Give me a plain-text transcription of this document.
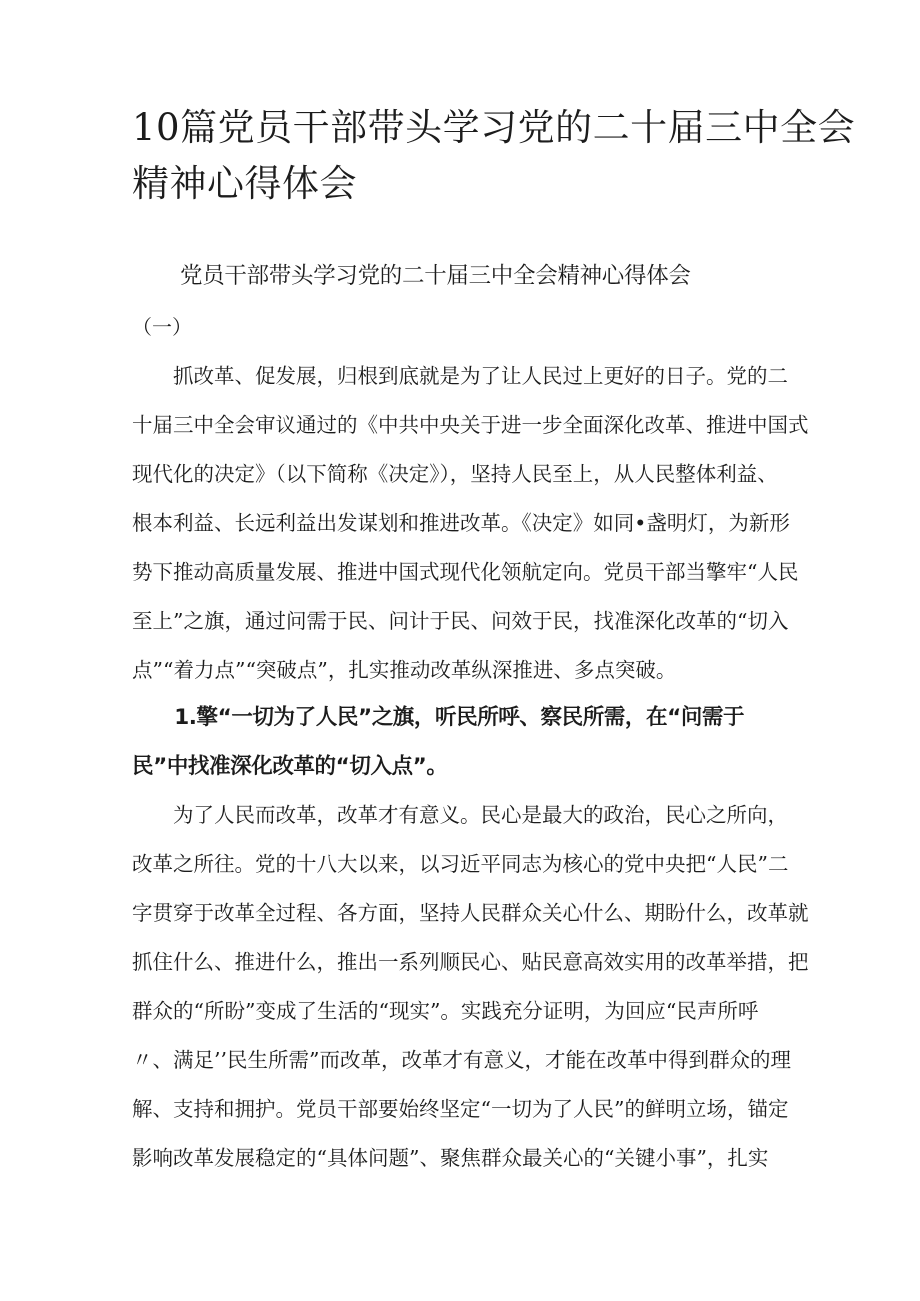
10篇党员干部带头学习党的二十届三中全会
精神心得体会
党员干部带头学习党的二十届三中全会精神心得体会
（一）

　　抓改革、促发展，归根到底就是为了让人民过上更好的日子。党的二
十届三中全会审议通过的《中共中央关于进一步全面深化改革、推进中国式
现代化的决定》（以下简称《决定》），坚持人民至上，从人民整体利益、
根本利益、长远利益出发谋划和推进改革。《决定》如同•盏明灯，为新形
势下推动高质量发展、推进中国式现代化领航定向。党员干部当擎牢“人民
至上”之旗，通过问需于民、问计于民、问效于民，找准深化改革的“切入
点”“着力点”“突破点”，扎实推动改革纵深推进、多点突破。

　　1.擎“一切为了人民”之旗，听民所呼、察民所需，在“问需于
民”中找准深化改革的“切入点”。

　　为了人民而改革，改革才有意义。民心是最大的政治，民心之所向，
改革之所往。党的十八大以来，以习近平同志为核心的党中央把“人民”二
字贯穿于改革全过程、各方面，坚持人民群众关心什么、期盼什么，改革就
抓住什么、推进什么，推出一系列顺民心、贴民意高效实用的改革举措，把
群众的“所盼”变成了生活的“现实”。实践充分证明，为回应“民声所呼
〃、满足’’民生所需”而改革，改革才有意义，才能在改革中得到群众的理
解、支持和拥护。党员干部要始终坚定“一切为了人民”的鲜明立场，锚定
影响改革发展稳定的“具体问题”、聚焦群众最关心的“关键小事”，扎实
